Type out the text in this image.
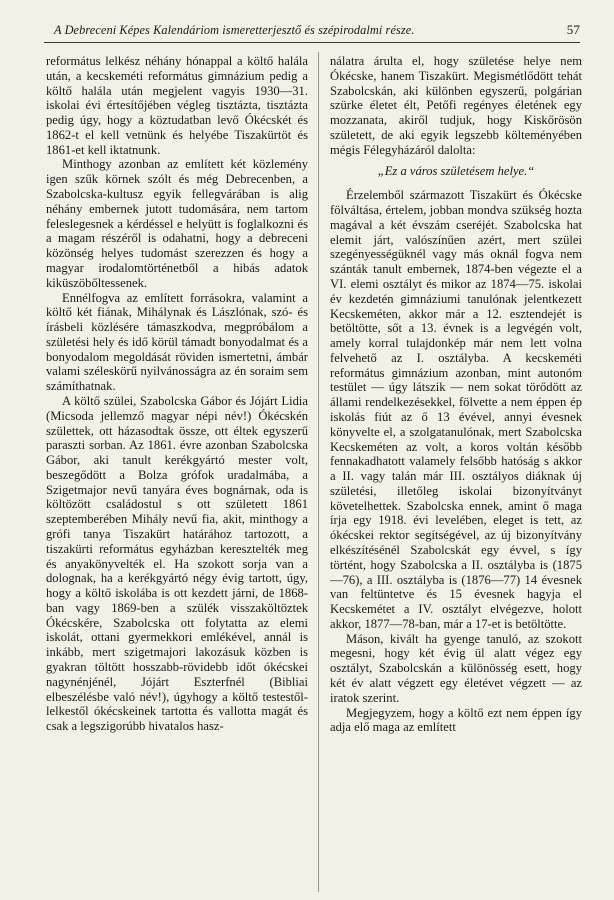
A Debreceni Képes Kalendáriom ismeretterjesztő és szépirodalmi része.	57

református lelkész néhány hónappal a költő halála után, a kecskeméti református gimnázium pedig a költő halála után megjelent vagyis 1930—31. iskolai évi értesítőjében végleg tisztázta, tisztázta pedig úgy, hogy a köztudatban levő Ókécskét és 1862-t el kell vetnünk és helyébe Tiszakürtöt és 1861-et kell iktatnunk.

Minthogy azonban az említett két közlemény igen szűk körnek szólt és még Debrecenben, a Szabolcska-kultusz egyik fellegvárában is alig néhány embernek jutott tudomására, nem tartom feleslegesnek a kérdéssel e helyütt is foglalkozni és a magam részéről is odahatni, hogy a debreceni közönség helyes tudomást szerezzen és hogy a magyar irodalomtörténetből a hibás adatok kiküszöbőltessenek.

Ennélfogva az említett forrásokra, valamint a költő két fiának, Mihálynak és Lászlónak, szó- és írásbeli közlésére támaszkodva, megpróbálom a születési hely és idő körül támadt bonyodalmat és a bonyodalom megoldását röviden ismertetni, ámbár valami széleskörű nyilvánosságra az én soraim sem számíthatnak.

A költő szülei, Szabolcska Gábor és Jójárt Lidia (Micsoda jellemző magyar népi név!) Ókécskén születtek, ott házasodtak össze, ott éltek egyszerű paraszti sorban. Az 1861. évre azonban Szabolcska Gábor, aki tanult kerékgyártó mester volt, beszegődött a Bolza grófok uradalmába, a Szigetmajor nevű tanyára éves bognárnak, oda is költözött családostul s ott született 1861 szeptemberében Mihály nevű fia, akit, minthogy a grófi tanya Tiszakürt határához tartozott, a tiszakürti református egyházban keresztelték meg és anyakönyvelték el. Ha szokott sorja van a dolognak, ha a kerékgyártó négy évig tartott, úgy, hogy a költő iskolába is ott kezdett járni, de 1868-ban vagy 1869-ben a szülék visszaköltöztek Ókécskére, Szabolcska ott folytatta az elemi iskolát, ottani gyermekkori emlékével, annál is inkább, mert szigetmajori lakozásuk közben is gyakran töltött hosszabb-rövidebb időt ókécskei nagynénjénél, Jójárt Eszterfnél (Bibliai elbeszélésbe való név!), úgyhogy a költő testestől-lelkestől ókécskeinek tartotta és vallotta magát és csak a legszigorúbb hivatalos hasz-

nálatra árulta el, hogy születése helye nem Ókécske, hanem Tiszakürt. Megismétlődött tehát Szabolcskán, aki különben egyszerű, polgárian szürke életet élt, Petőfi regényes életének egy mozzanata, akiről tudjuk, hogy Kiskőrösön született, de aki egyik legszebb költeményében mégis Félegyházáról dalolta:

„Ez a város születésem helye.“

Érzelemből származott Tiszakürt és Ókécske fölváltása, értelem, jobban mondva szükség hozta magával a két évszám cseréjét. Szabolcska hat elemit járt, valószínűen azért, mert szülei szegényességüknél vagy más oknál fogva nem szánták tanult embernek, 1874-ben végezte el a VI. elemi osztályt és mikor az 1874—75. iskolai év kezdetén gimnáziumi tanulónak jelentkezett Kecskeméten, akkor már a 12. esztendejét is betöltötte, sőt a 13. évnek is a legvégén volt, amely korral tulajdonkép már nem lett volna felvehető az I. osztályba. A kecskeméti református gimnázium azonban, mint autonóm testület — úgy látszik — nem sokat törődött az állami rendelkezésekkel, fölvette a nem éppen ép iskolás fiút az ő 13 évével, annyi évesnek könyvelte el, a szolgatanulónak, mert Szabolcska Kecskeméten az volt, a koros voltán később fennakadhatott valamely felsőbb hatóság s akkor a II. vagy talán már III. osztályos diáknak új születési, illetőleg iskolai bizonyítványt követelhettek. Szabolcska ennek, amint ő maga írja egy 1918. évi levelében, eleget is tett, az ókécskei rektor segítségével, az új bizonyítvány elkészítésénél Szabolcskát egy évvel, s így történt, hogy Szabolcska a II. osztályba is (1875—76), a III. osztályba is (1876—77) 14 évesnek van feltüntetve és 15 évesnek hagyja el Kecskemétet a IV. osztályt elvégezve, holott akkor, 1877—78-ban, már a 17-et is betöltötte.

Máson, kivált ha gyenge tanuló, az szokott megesni, hogy két évig ül alatt végez egy osztályt, Szabolcskán a különösség esett, hogy két év alatt végzett egy életévet végzett — az iratok szerint.

Megjegyzem, hogy a költő ezt nem éppen így adja elő maga az említett
